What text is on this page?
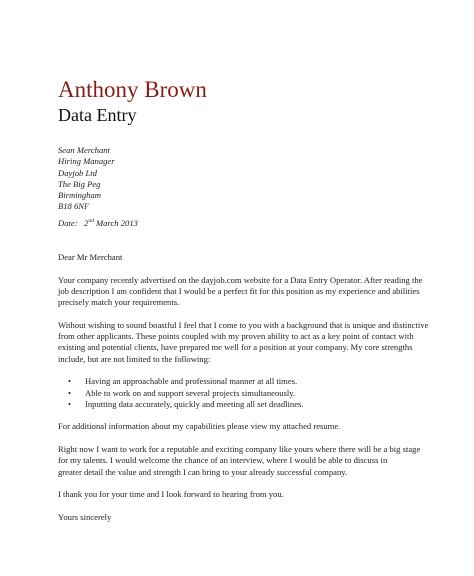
Anthony Brown
Data Entry
Sean Merchant
Hiring Manager
Dayjob Ltd
The Big Peg
Birmingham
B18 6NF
Date: 2nd March 2013
Dear Mr Merchant
Your company recently advertised on the dayjob.com website for a Data Entry Operator. After reading the
job description I am confident that I would be a perfect fit for this position as my experience and abilities
precisely match your requirements.
Without wishing to sound boastful I feel that I come to you with a background that is unique and distinctive
from other applicants. These points coupled with my proven ability to act as a key point of contact with
existing and potential clients, have prepared me well for a position at your company. My core strengths
include, but are not limited to the following:
• Having an approachable and professional manner at all times.
• Able to work on and support several projects simultaneously.
• Inputting data accurately, quickly and meeting all set deadlines.
For additional information about my capabilities please view my attached resume.
Right now I want to work for a reputable and exciting company like yours where there will be a big stage
for my talents. I would welcome the chance of an interview, where I would be able to discuss in
greater detail the value and strength I can bring to your already successful company.
I thank you for your time and I look forward to hearing from you.
Yours sincerely
